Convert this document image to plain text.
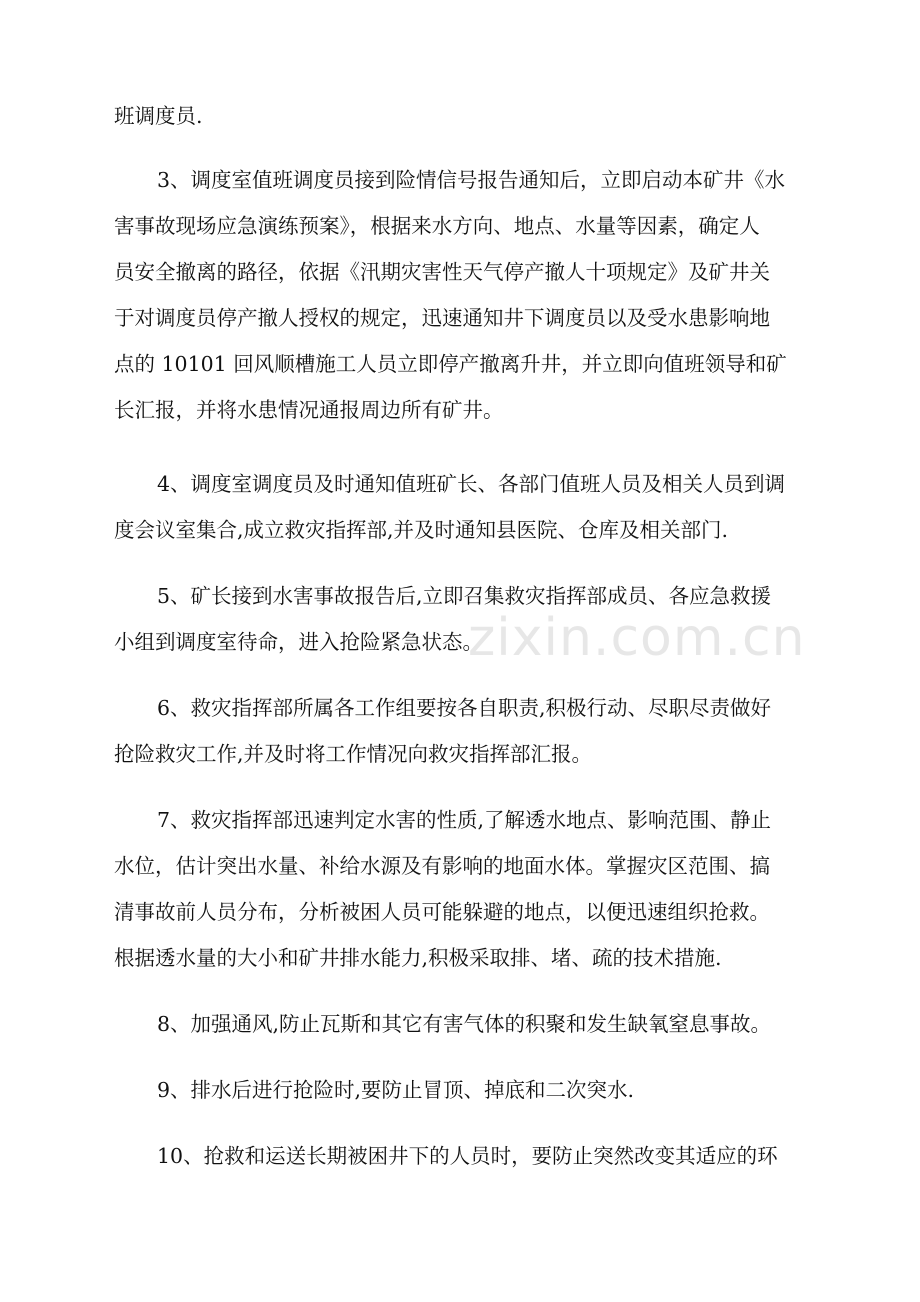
zixin.com.cn
班调度员.
3、调度室值班调度员接到险情信号报告通知后，立即启动本矿井《水
害事故现场应急演练预案》，根据来水方向、地点、水量等因素，确定人
员安全撤离的路径，依据《汛期灾害性天气停产撤人十项规定》及矿井关
于对调度员停产撤人授权的规定，迅速通知井下调度员以及受水患影响地
点的 10101 回风顺槽施工人员立即停产撤离升井，并立即向值班领导和矿
长汇报，并将水患情况通报周边所有矿井。
4、调度室调度员及时通知值班矿长、各部门值班人员及相关人员到调
度会议室集合,成立救灾指挥部,并及时通知县医院、仓库及相关部门.
5、矿长接到水害事故报告后,立即召集救灾指挥部成员、各应急救援
小组到调度室待命，进入抢险紧急状态。
6、救灾指挥部所属各工作组要按各自职责,积极行动、尽职尽责做好
抢险救灾工作,并及时将工作情况向救灾指挥部汇报。
7、救灾指挥部迅速判定水害的性质,了解透水地点、影响范围、静止
水位，估计突出水量、补给水源及有影响的地面水体。掌握灾区范围、搞
清事故前人员分布，分析被困人员可能躲避的地点，以便迅速组织抢救。
根据透水量的大小和矿井排水能力,积极采取排、堵、疏的技术措施.
8、加强通风,防止瓦斯和其它有害气体的积聚和发生缺氧窒息事故。
9、排水后进行抢险时,要防止冒顶、掉底和二次突水.
10、抢救和运送长期被困井下的人员时，要防止突然改变其适应的环
